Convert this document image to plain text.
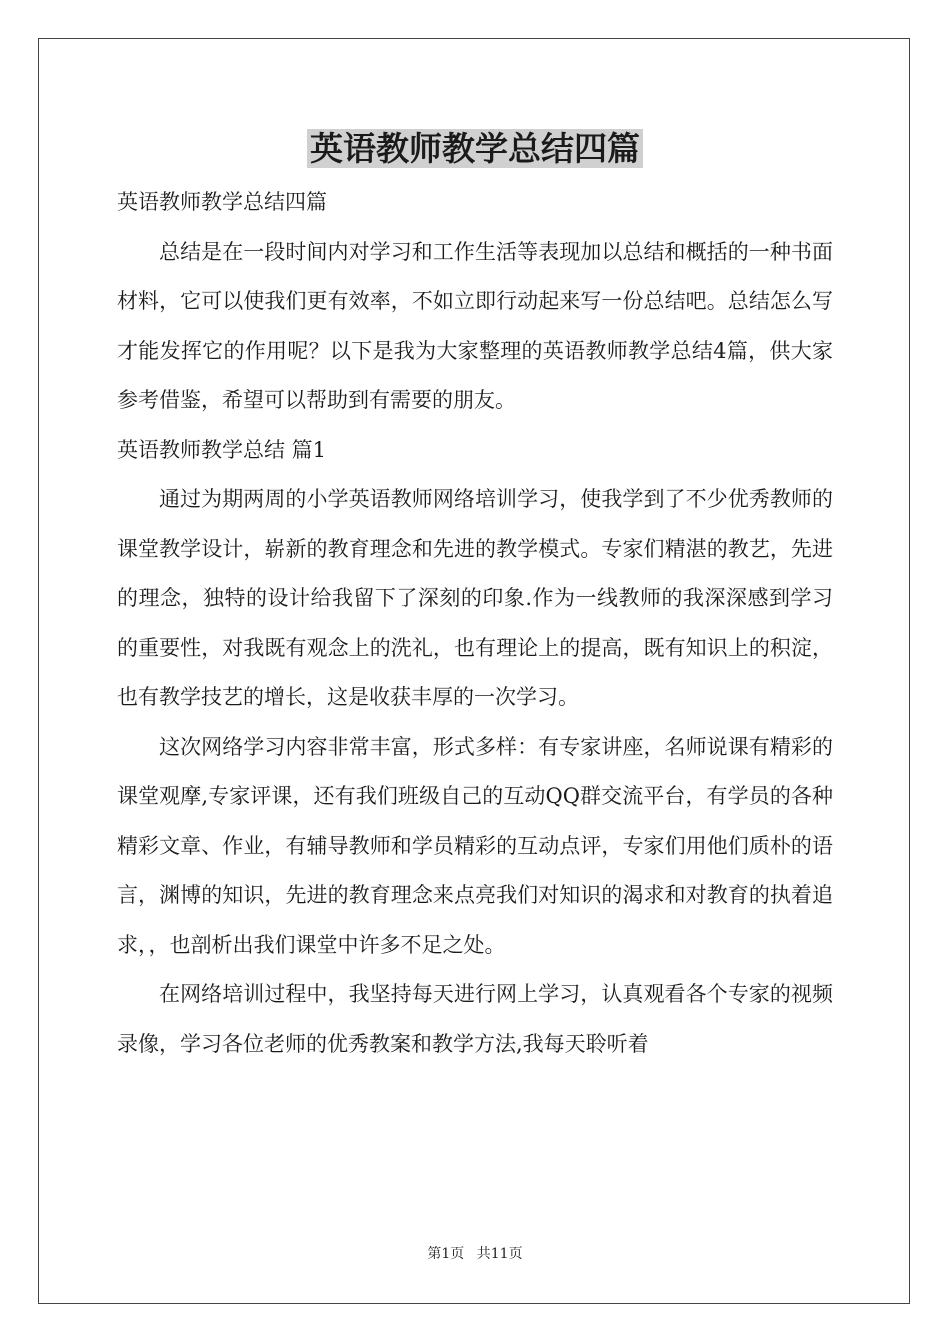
英语教师教学总结四篇

英语教师教学总结四篇

总结是在一段时间内对学习和工作生活等表现加以总结和概括的一种书面材料，它可以使我们更有效率，不如立即行动起来写一份总结吧。总结怎么写才能发挥它的作用呢？以下是我为大家整理的英语教师教学总结4篇，供大家参考借鉴，希望可以帮助到有需要的朋友。

英语教师教学总结 篇1

通过为期两周的小学英语教师网络培训学习，使我学到了不少优秀教师的课堂教学设计，崭新的教育理念和先进的教学模式。专家们精湛的教艺，先进的理念，独特的设计给我留下了深刻的印象.作为一线教师的我深深感到学习的重要性，对我既有观念上的洗礼，也有理论上的提高，既有知识上的积淀，也有教学技艺的增长，这是收获丰厚的一次学习。

这次网络学习内容非常丰富，形式多样：有专家讲座，名师说课有精彩的课堂观摩,专家评课，还有我们班级自己的互动QQ群交流平台，有学员的各种精彩文章、作业，有辅导教师和学员精彩的互动点评，专家们用他们质朴的语言，渊博的知识，先进的教育理念来点亮我们对知识的渴求和对教育的执着追求，，也剖析出我们课堂中许多不足之处。

在网络培训过程中，我坚持每天进行网上学习，认真观看各个专家的视频录像，学习各位老师的优秀教案和教学方法,我每天聆听着

第1页 共11页
